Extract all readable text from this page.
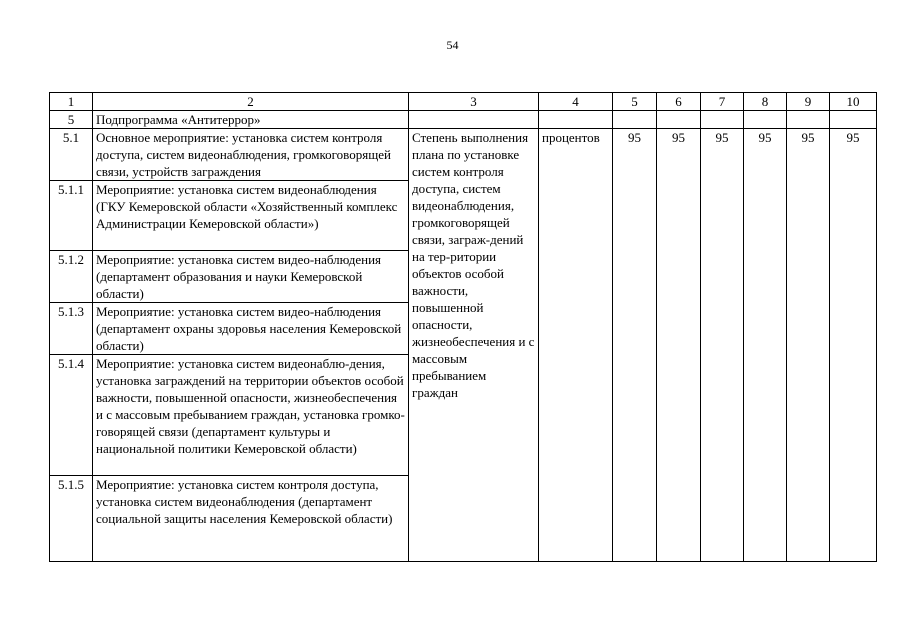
54
1	2	3	4	5	6	7	8	9	10
5	Подпрограмма «Антитеррор»								
5.1	Основное мероприятие: установка систем контроля доступа, систем видеонаблюдения, громкоговорящей связи, устройств заграждения	Степень выполнения плана по установке систем контроля доступа, систем видеонаблюдения, громкоговорящей связи, заграж-дений на тер-ритории объектов особой важности, повышенной опасности, жизнеобеспечения и с массовым пребыванием граждан	процентов	95	95	95	95	95	95
5.1.1	Мероприятие: установка систем видеонаблюдения (ГКУ Кемеровской области «Хозяйственный комплекс Администрации Кемеровской области»)								
5.1.2	Мероприятие: установка систем видео-наблюдения (департамент образования и науки Кемеровской области)								
5.1.3	Мероприятие: установка систем видео-наблюдения (департамент охраны здоровья населения Кемеровской области)								
5.1.4	Мероприятие: установка систем видеонаблю-дения, установка заграждений на территории объектов особой важности, повышенной опасности, жизнеобеспечения и с массовым пребыванием граждан, установка громко-говорящей связи (департамент культуры и национальной политики Кемеровской области)								
5.1.5	Мероприятие: установка систем контроля доступа, установка систем видеонаблюдения (департамент социальной защиты населения Кемеровской области)								
